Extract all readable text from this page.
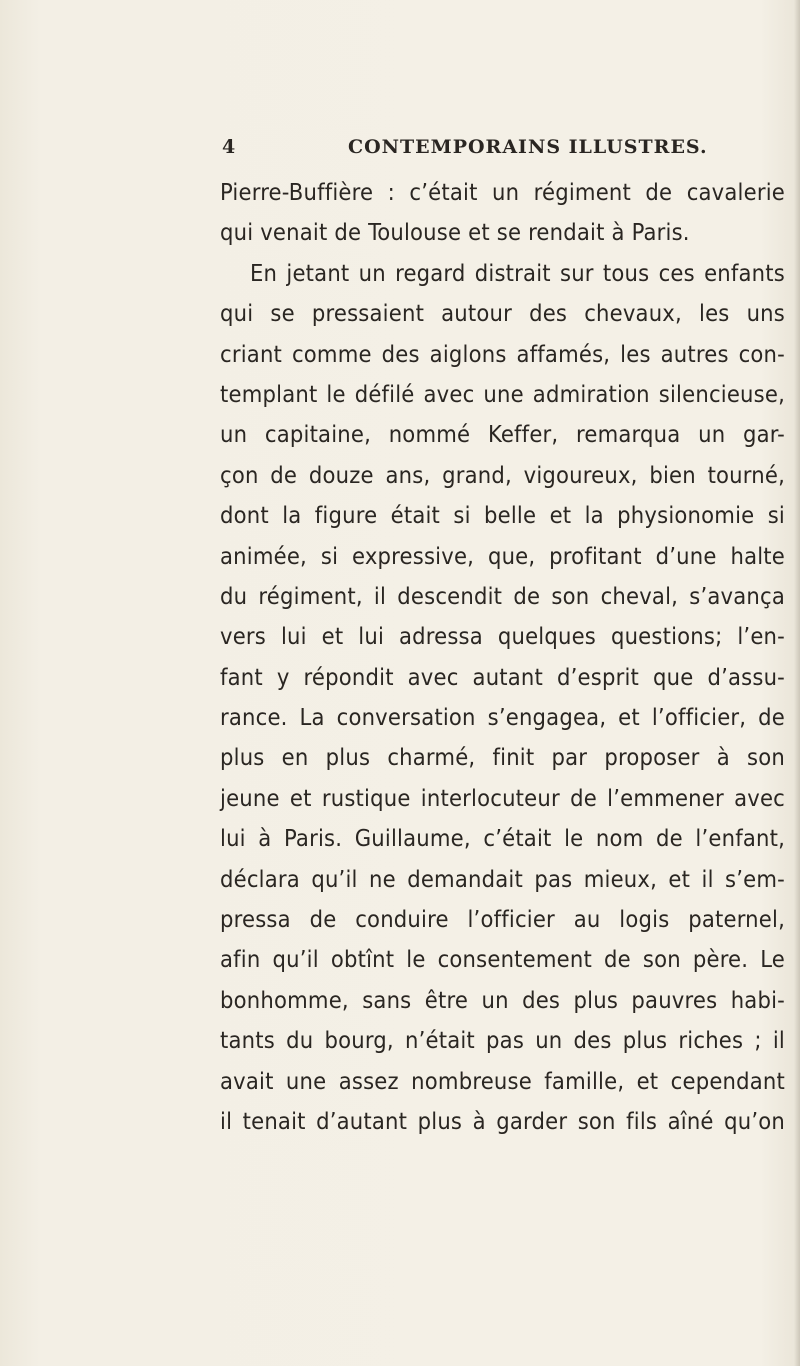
4	CONTEMPORAINS ILLUSTRES.
Pierre-Buffière : c’était un régiment de cavalerie
qui venait de Toulouse et se rendait à Paris.
En jetant un regard distrait sur tous ces enfants
qui se pressaient autour des chevaux, les uns
criant comme des aiglons affamés, les autres con-
templant le défilé avec une admiration silencieuse,
un capitaine, nommé Keffer, remarqua un gar-
çon de douze ans, grand, vigoureux, bien tourné,
dont la figure était si belle et la physionomie si
animée, si expressive, que, profitant d’une halte
du régiment, il descendit de son cheval, s’avança
vers lui et lui adressa quelques questions; l’en-
fant y répondit avec autant d’esprit que d’assu-
rance. La conversation s’engagea, et l’officier, de
plus en plus charmé, finit par proposer à son
jeune et rustique interlocuteur de l’emmener avec
lui à Paris. Guillaume, c’était le nom de l’enfant,
déclara qu’il ne demandait pas mieux, et il s’em-
pressa de conduire l’officier au logis paternel,
afin qu’il obtînt le consentement de son père. Le
bonhomme, sans être un des plus pauvres habi-
tants du bourg, n’était pas un des plus riches ; il
avait une assez nombreuse famille, et cependant
il tenait d’autant plus à garder son fils aîné qu’on
